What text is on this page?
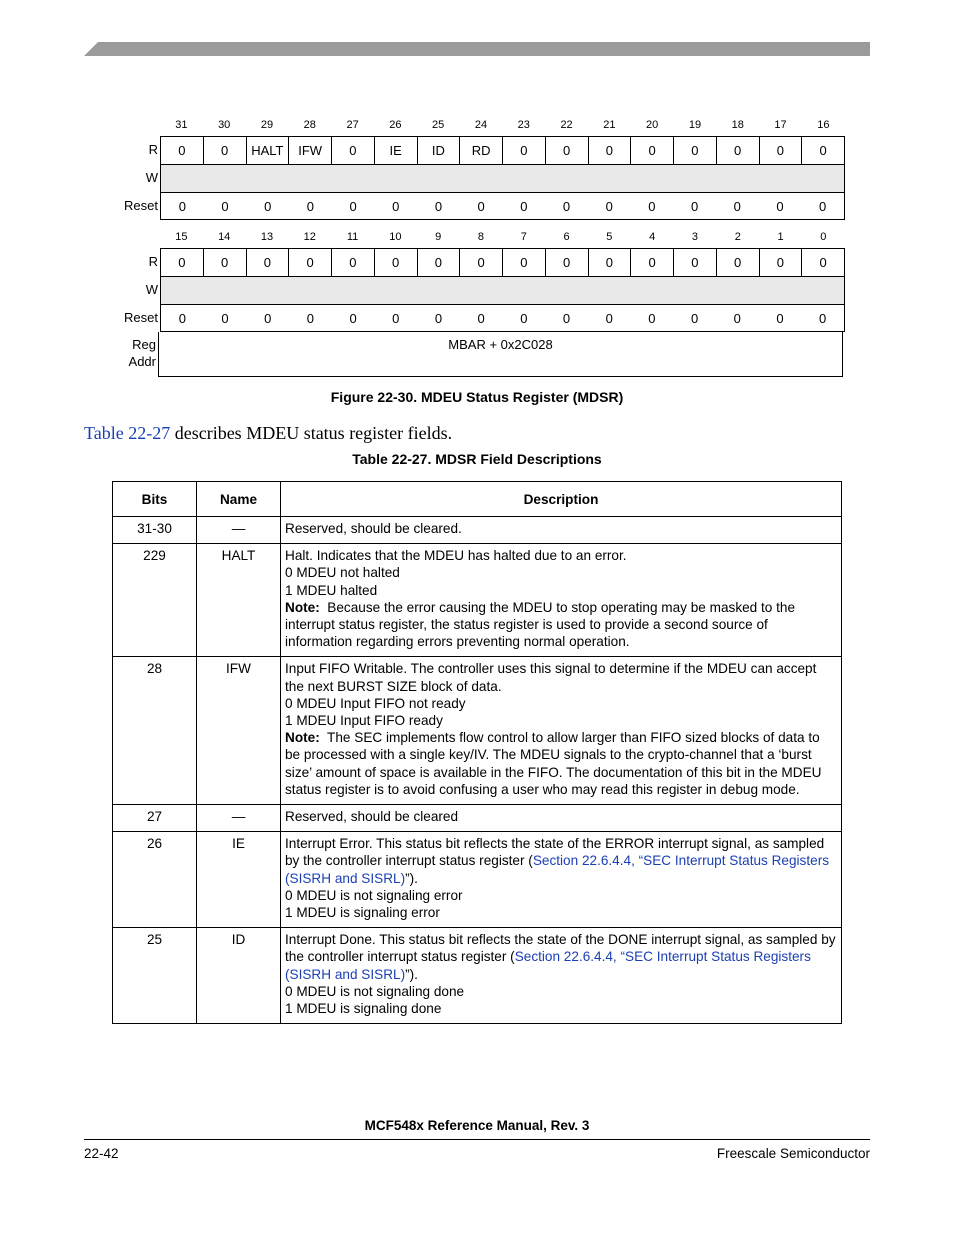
31	30	29	28	27	26	25	24	23	22	21	20	19	18	17	16
R	0	0	HALT	IFW	0	IE	ID	RD	0	0	0	0	0	0	0	0
W
Reset	0	0	0	0	0	0	0	0	0	0	0	0	0	0	0	0
15	14	13	12	11	10	9	8	7	6	5	4	3	2	1	0
R	0	0	0	0	0	0	0	0	0	0	0	0	0	0	0	0
W
Reset	0	0	0	0	0	0	0	0	0	0	0	0	0	0	0	0
Reg
Addr
MBAR + 0x2C028
Figure 22-30. MDEU Status Register (MDSR)
Table 22-27 describes MDEU status register fields.
Table 22-27. MDSR Field Descriptions
Bits	Name	Description
31-30	—	Reserved, should be cleared.

229	HALT	Halt. Indicates that the MDEU has halted due to an error.
0 MDEU not halted
1 MDEU halted
Note:  Because the error causing the MDEU to stop operating may be masked to the interrupt status register, the status register is used to provide a second source of information regarding errors preventing normal operation.

28	IFW	Input FIFO Writable. The controller uses this signal to determine if the MDEU can accept the next BURST SIZE block of data.
0 MDEU Input FIFO not ready
1 MDEU Input FIFO ready
Note:  The SEC implements flow control to allow larger than FIFO sized blocks of data to be processed with a single key/IV. The MDEU signals to the crypto-channel that a ‘burst size’ amount of space is available in the FIFO. The documentation of this bit in the MDEU status register is to avoid confusing a user who may read this register in debug mode.

27	—	Reserved, should be cleared

26	IE	Interrupt Error. This status bit reflects the state of the ERROR interrupt signal, as sampled by the controller interrupt status register (Section 22.6.4.4, “SEC Interrupt Status Registers (SISRH and SISRL)”).
0 MDEU is not signaling error
1 MDEU is signaling error

25	ID	Interrupt Done. This status bit reflects the state of the DONE interrupt signal, as sampled by the controller interrupt status register (Section 22.6.4.4, “SEC Interrupt Status Registers (SISRH and SISRL)”).
0 MDEU is not signaling done
1 MDEU is signaling done
MCF548x Reference Manual, Rev. 3
22-42	Freescale Semiconductor
